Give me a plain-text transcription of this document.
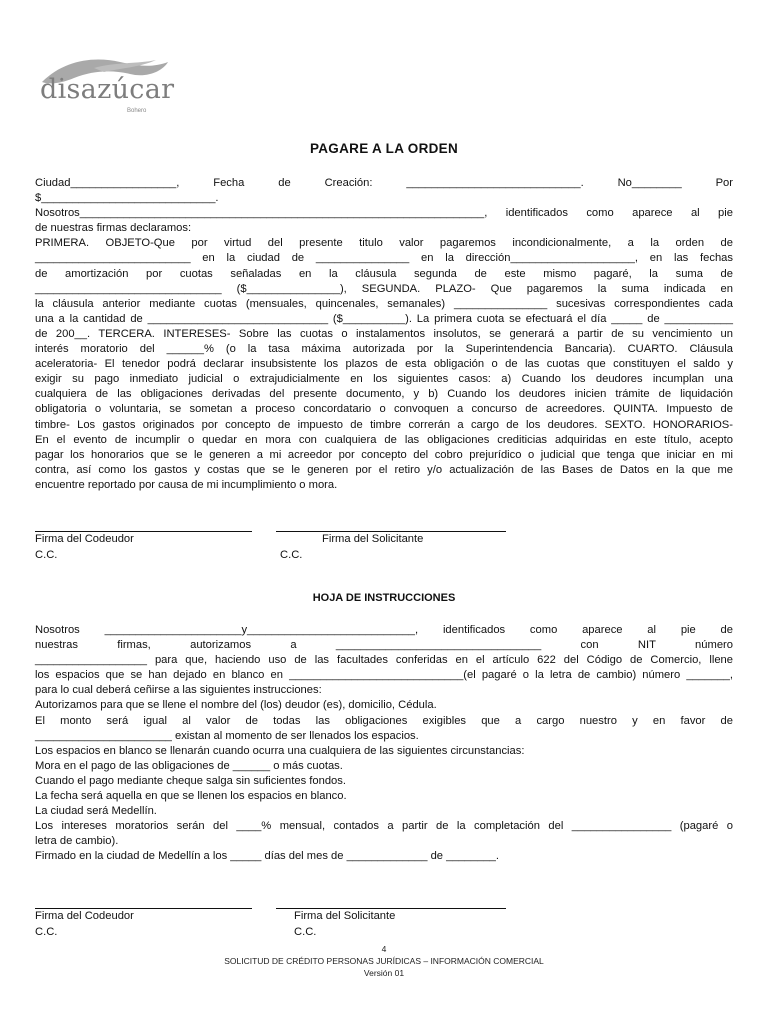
disazúcar
Bohero
PAGARE A LA ORDEN

Ciudad_________________, Fecha de Creación: ____________________________. No________ Por

$____________________________.

Nosotros_________________________________________________________________, identificados como aparece al pie

de nuestras firmas declaramos:

PRIMERA. OBJETO-Que por virtud del presente titulo valor pagaremos incondicionalmente, a la orden de

_________________________ en la ciudad de _______________ en la dirección____________________, en las fechas

de amortización por cuotas señaladas en la cláusula segunda de este mismo pagaré, la suma de

______________________________ ($_______________), SEGUNDA. PLAZO- Que pagaremos la suma indicada en

la cláusula anterior mediante cuotas (mensuales, quincenales, semanales) _______________ sucesivas correspondientes cada

una a la cantidad de _____________________________ ($__________). La primera cuota se efectuará el día _____ de ___________

de 200__. TERCERA. INTERESES- Sobre las cuotas o instalamentos insolutos, se generará a partir de su vencimiento un

interés moratorio del ______% (o la tasa máxima autorizada por la Superintendencia Bancaria). CUARTO. Cláusula

aceleratoria- El tenedor podrá declarar insubsistente los plazos de esta obligación o de las cuotas que constituyen el saldo y

exigir su pago inmediato judicial o extrajudicialmente en los siguientes casos: a) Cuando los deudores incumplan una

cualquiera de las obligaciones derivadas del presente documento, y b) Cuando los deudores inicien trámite de liquidación

obligatoria o voluntaria, se sometan a proceso concordatario o convoquen a concurso de acreedores. QUINTA. Impuesto de

timbre- Los gastos originados por concepto de impuesto de timbre correrán a cargo de los deudores. SEXTO. HONORARIOS-

En el evento de incumplir o quedar en mora con cualquiera de las obligaciones crediticias adquiridas en este título, acepto

pagar los honorarios que se le generen a mi acreedor por concepto del cobro prejurídico o judicial que tenga que iniciar en mi

contra, así como los gastos y costas que se le generen por el retiro y/o actualización de las Bases de Datos en la que me

encuentre reportado por causa de mi incumplimiento o mora.

Firma del Codeudor	Firma del Solicitante
C.C.	C.C.
HOJA DE INSTRUCCIONES

Nosotros ______________________y___________________________, identificados como aparece al pie de

nuestras firmas, autorizamos a _________________________________ con NIT número

__________________ para que, haciendo uso de las facultades conferidas en el artículo 622 del Código de Comercio, llene

los espacios que se han dejado en blanco en ____________________________(el pagaré o la letra de cambio) número _______,

para lo cual deberá ceñirse a las siguientes instrucciones:

Autorizamos para que se llene el nombre del (los) deudor (es), domicilio, Cédula.

El monto será igual al valor de todas las obligaciones exigibles que a cargo nuestro y en favor de

______________________ existan al momento de ser llenados los espacios.

Los espacios en blanco se llenarán cuando ocurra una cualquiera de las siguientes circunstancias:

Mora en el pago de las obligaciones de ______ o más cuotas.

Cuando el pago mediante cheque salga sin suficientes fondos.

La fecha será aquella en que se llenen los espacios en blanco.

La ciudad será Medellín.

Los intereses moratorios serán del ____% mensual, contados a partir de la completación del ________________ (pagaré o

letra de cambio).

Firmado en la ciudad de Medellín a los _____ días del mes de _____________ de ________.

Firma del Codeudor	Firma del Solicitante
C.C.	C.C.
4
SOLICITUD DE CRÉDITO PERSONAS JURÍDICAS – INFORMACIÓN COMERCIAL
Versión 01
